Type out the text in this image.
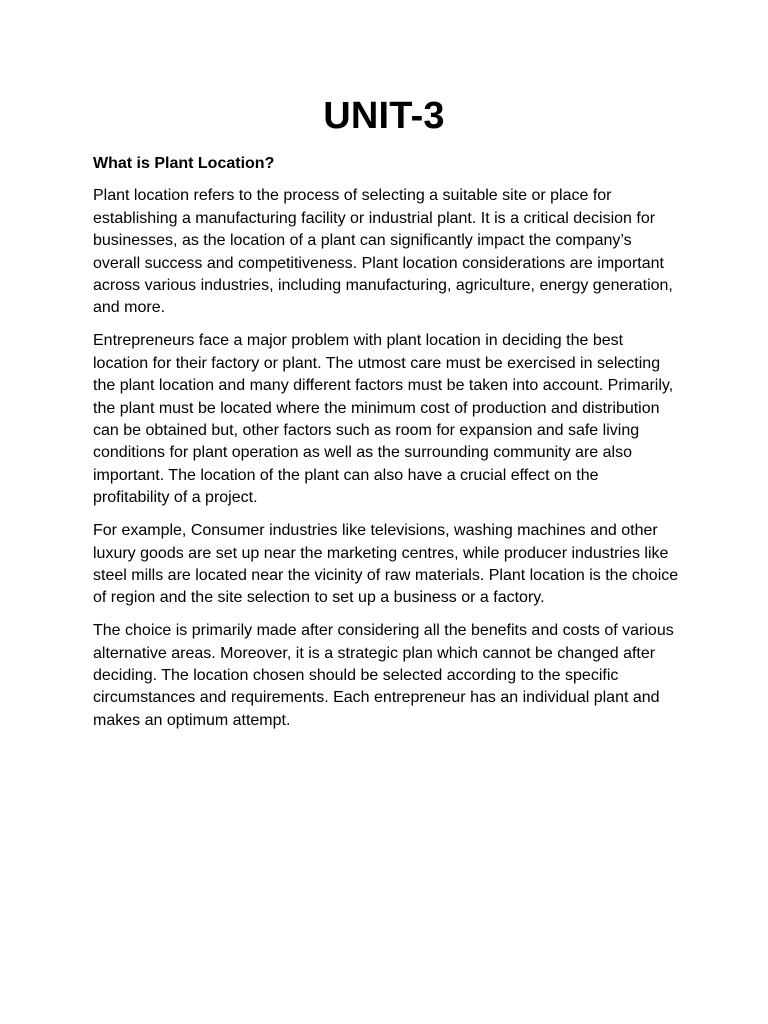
UNIT-3

What is Plant Location?

Plant location refers to the process of selecting a suitable site or place for establishing a manufacturing facility or industrial plant. It is a critical decision for businesses, as the location of a plant can significantly impact the company’s overall success and competitiveness. Plant location considerations are important across various industries, including manufacturing, agriculture, energy generation, and more.

Entrepreneurs face a major problem with plant location in deciding the best location for their factory or plant. The utmost care must be exercised in selecting the plant location and many different factors must be taken into account. Primarily, the plant must be located where the minimum cost of production and distribution can be obtained but, other factors such as room for expansion and safe living conditions for plant operation as well as the surrounding community are also important. The location of the plant can also have a crucial effect on the profitability of a project.

For example, Consumer industries like televisions, washing machines and other luxury goods are set up near the marketing centres, while producer industries like steel mills are located near the vicinity of raw materials. Plant location is the choice of region and the site selection to set up a business or a factory.

The choice is primarily made after considering all the benefits and costs of various alternative areas. Moreover, it is a strategic plan which cannot be changed after deciding. The location chosen should be selected according to the specific circumstances and requirements. Each entrepreneur has an individual plant and makes an optimum attempt.
